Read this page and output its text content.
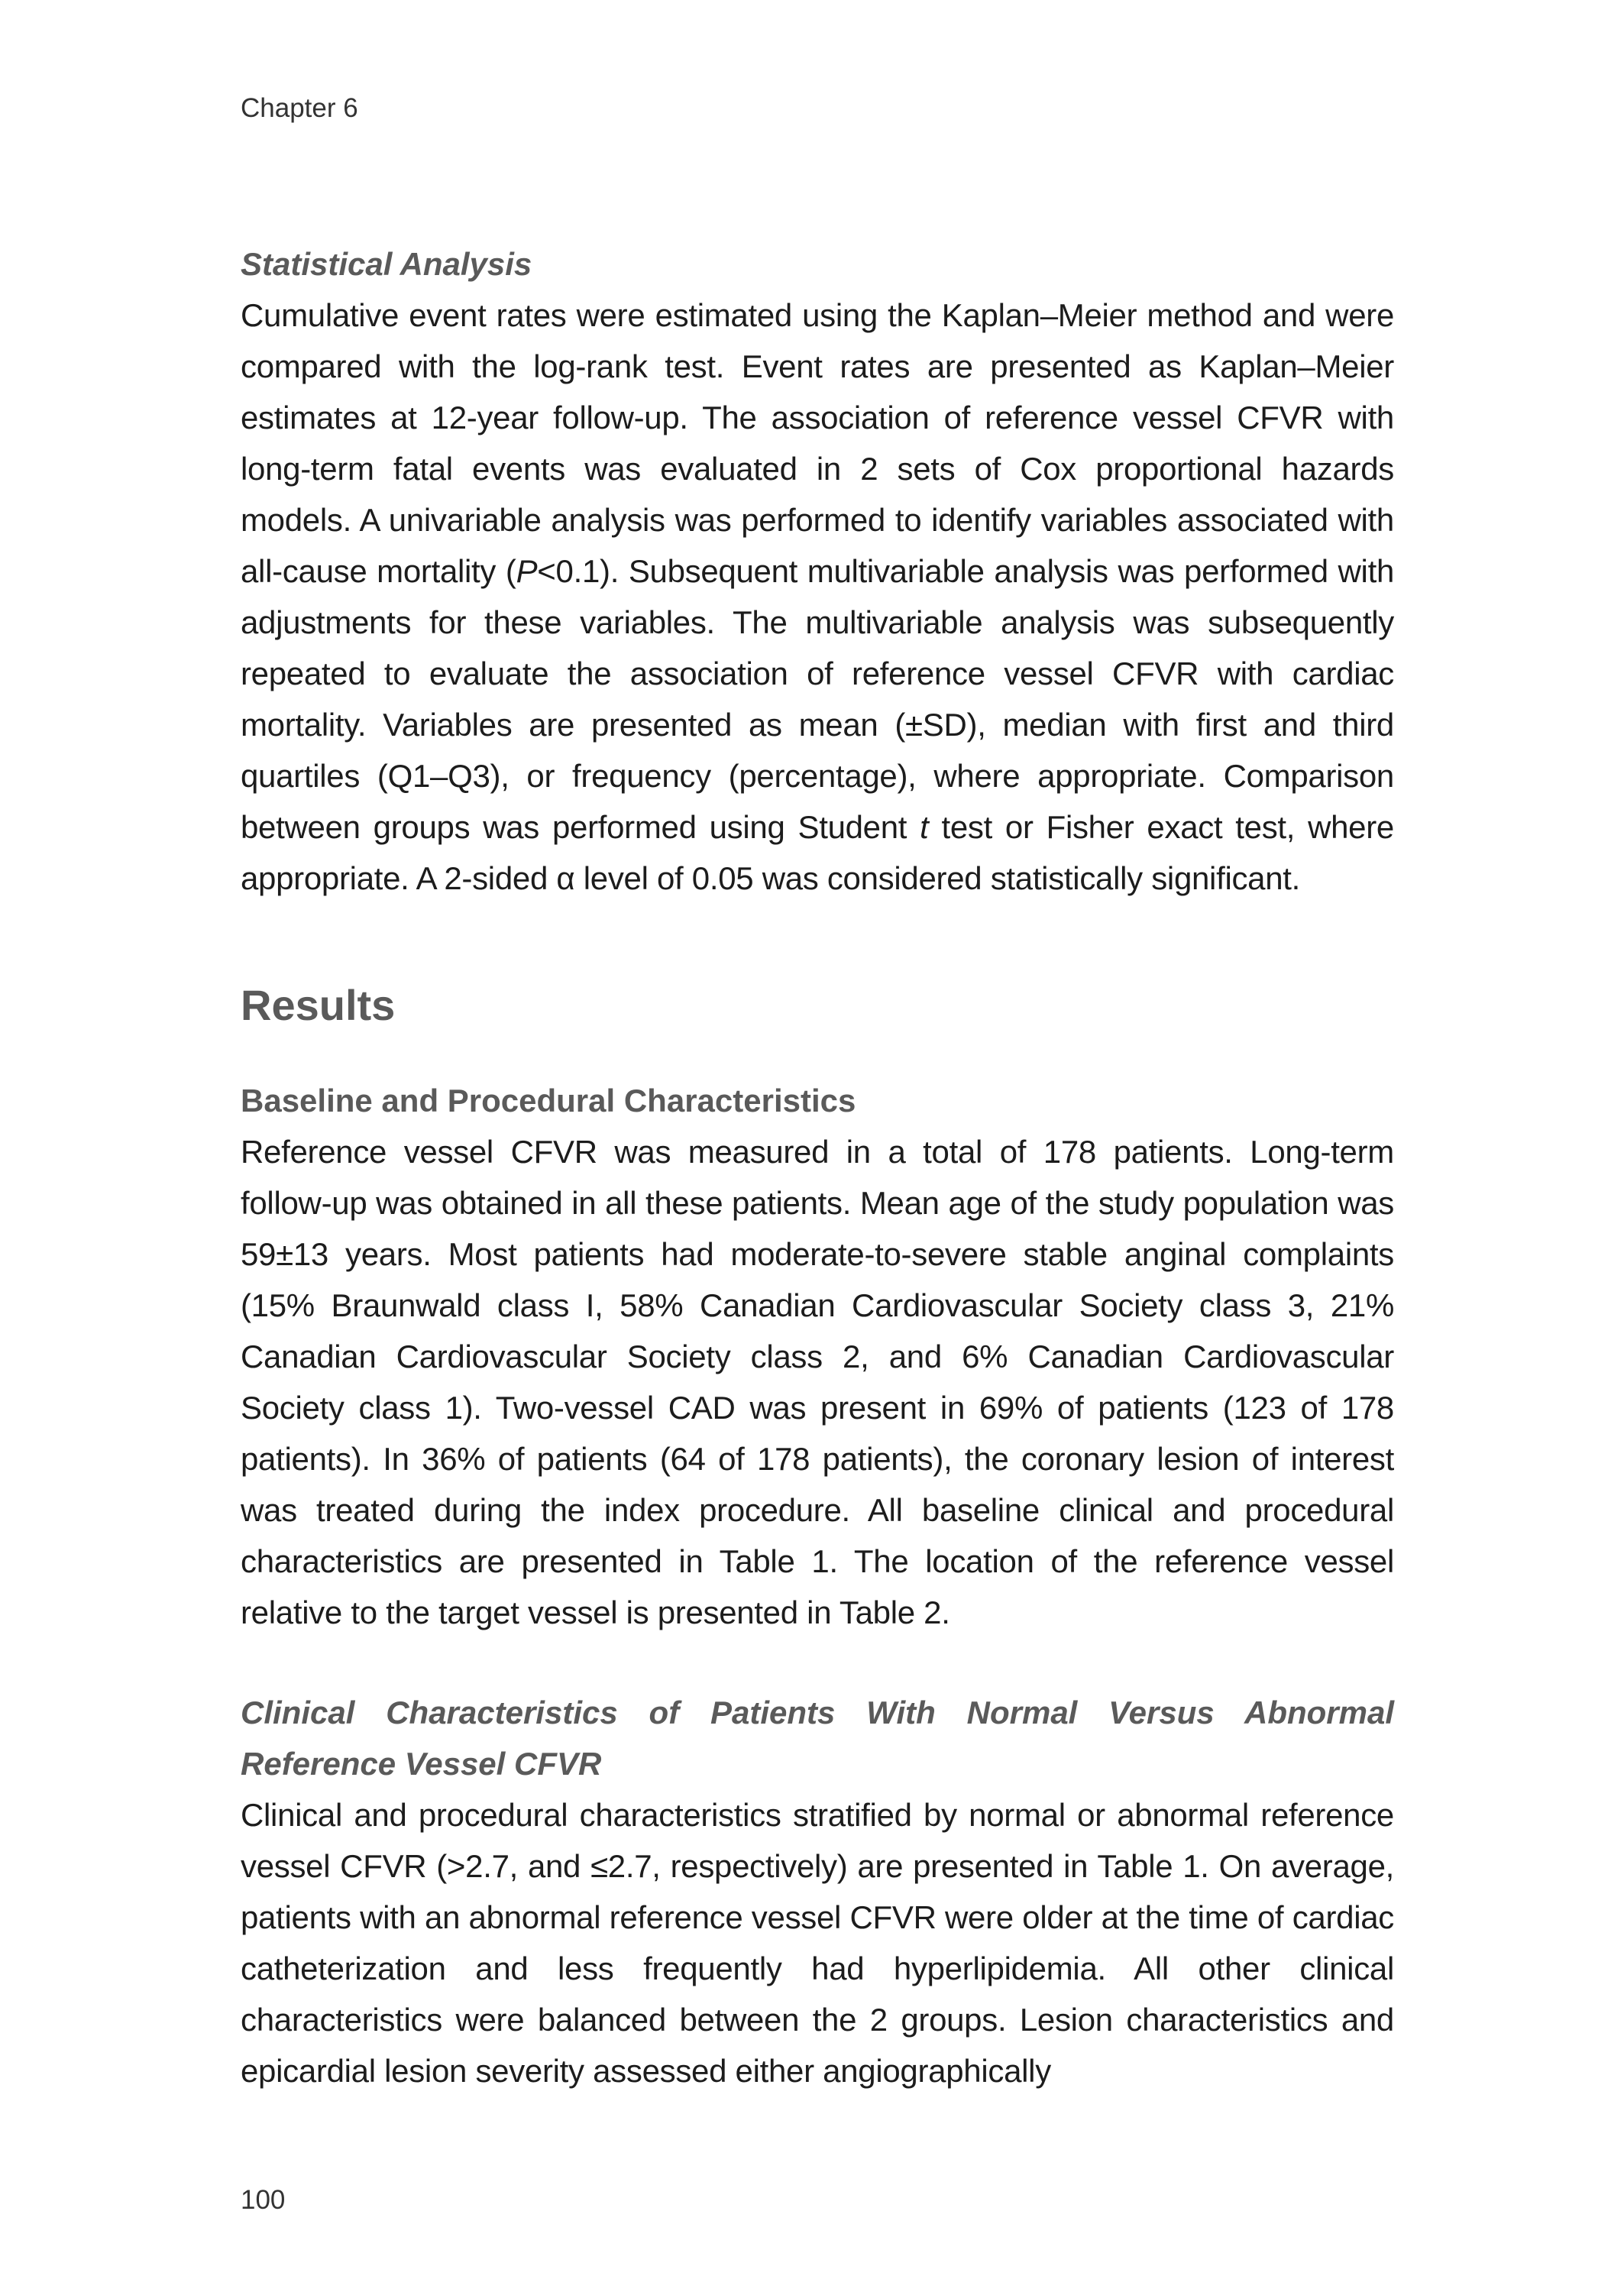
Chapter 6
Statistical Analysis

Cumulative event rates were estimated using the Kaplan–Meier method and were compared with the log-rank test. Event rates are presented as Kaplan–Meier estimates at 12-year follow-up. The association of reference vessel CFVR with long-term fatal events was evaluated in 2 sets of Cox proportional hazards models. A univariable analysis was performed to identify variables associated with all-cause mortality (P<0.1). Subsequent multivariable analysis was performed with adjustments for these variables. The multivariable analysis was subsequently repeated to evaluate the association of reference vessel CFVR with cardiac mortality. Variables are presented as mean (±SD), median with first and third quartiles (Q1–Q3), or frequency (percentage), where appropriate. Comparison between groups was performed using Student t test or Fisher exact test, where appropriate. A 2-sided α level of 0.05 was considered statistically significant.

Results
Baseline and Procedural Characteristics

Reference vessel CFVR was measured in a total of 178 patients. Long-term follow-up was obtained in all these patients. Mean age of the study population was 59±13 years. Most patients had moderate-to-severe stable anginal complaints (15% Braunwald class I, 58% Canadian Cardiovascular Society class 3, 21% Canadian Cardiovascular Society class 2, and 6% Canadian Cardiovascular Society class 1). Two-vessel CAD was present in 69% of patients (123 of 178 patients). In 36% of patients (64 of 178 patients), the coronary lesion of interest was treated during the index procedure. All baseline clinical and procedural characteristics are presented in Table 1. The location of the reference vessel relative to the target vessel is presented in Table 2.

Clinical Characteristics of Patients With Normal Versus Abnormal Reference Vessel CFVR

Clinical and procedural characteristics stratified by normal or abnormal reference vessel CFVR (>2.7, and ≤2.7, respectively) are presented in Table 1. On average, patients with an abnormal reference vessel CFVR were older at the time of cardiac catheterization and less frequently had hyperlipidemia. All other clinical characteristics were balanced between the 2 groups. Lesion characteristics and epicardial lesion severity assessed either angiographically

100
